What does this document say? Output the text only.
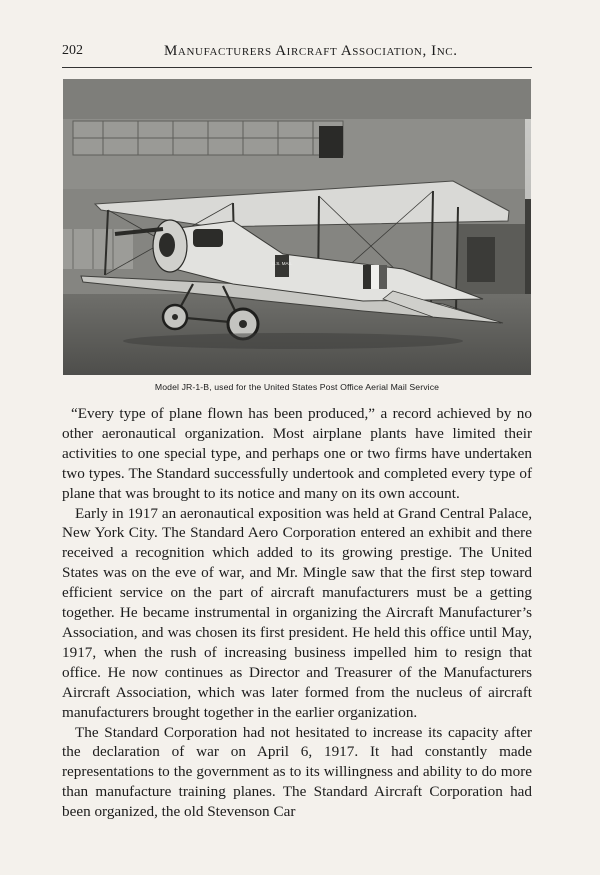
202	Manufacturers Aircraft Association, Inc.
U.S. MAIL
Model JR-1-B, used for the United States Post Office Aerial Mail Service

“Every type of plane flown has been produced,” a record achieved by no other aeronautical organization. Most airplane plants have limited their activities to one special type, and perhaps one or two firms have undertaken two types. The Standard successfully undertook and completed every type of plane that was brought to its notice and many on its own account.

Early in 1917 an aeronautical exposition was held at Grand Central Palace, New York City. The Standard Aero Corporation entered an exhibit and there received a recognition which added to its growing prestige. The United States was on the eve of war, and Mr. Mingle saw that the first step toward efficient service on the part of aircraft manufacturers must be a getting together. He became instrumental in organizing the Aircraft Manufacturer’s Association, and was chosen its first president. He held this office until May, 1917, when the rush of increasing business impelled him to resign that office. He now continues as Director and Treasurer of the Manufacturers Aircraft Association, which was later formed from the nucleus of aircraft manufacturers brought together in the earlier organization.

The Standard Corporation had not hesitated to increase its capacity after the declaration of war on April 6, 1917. It had constantly made representations to the government as to its willingness and ability to do more than manufacture training planes. The Standard Aircraft Corporation had been organized, the old Stevenson Car
